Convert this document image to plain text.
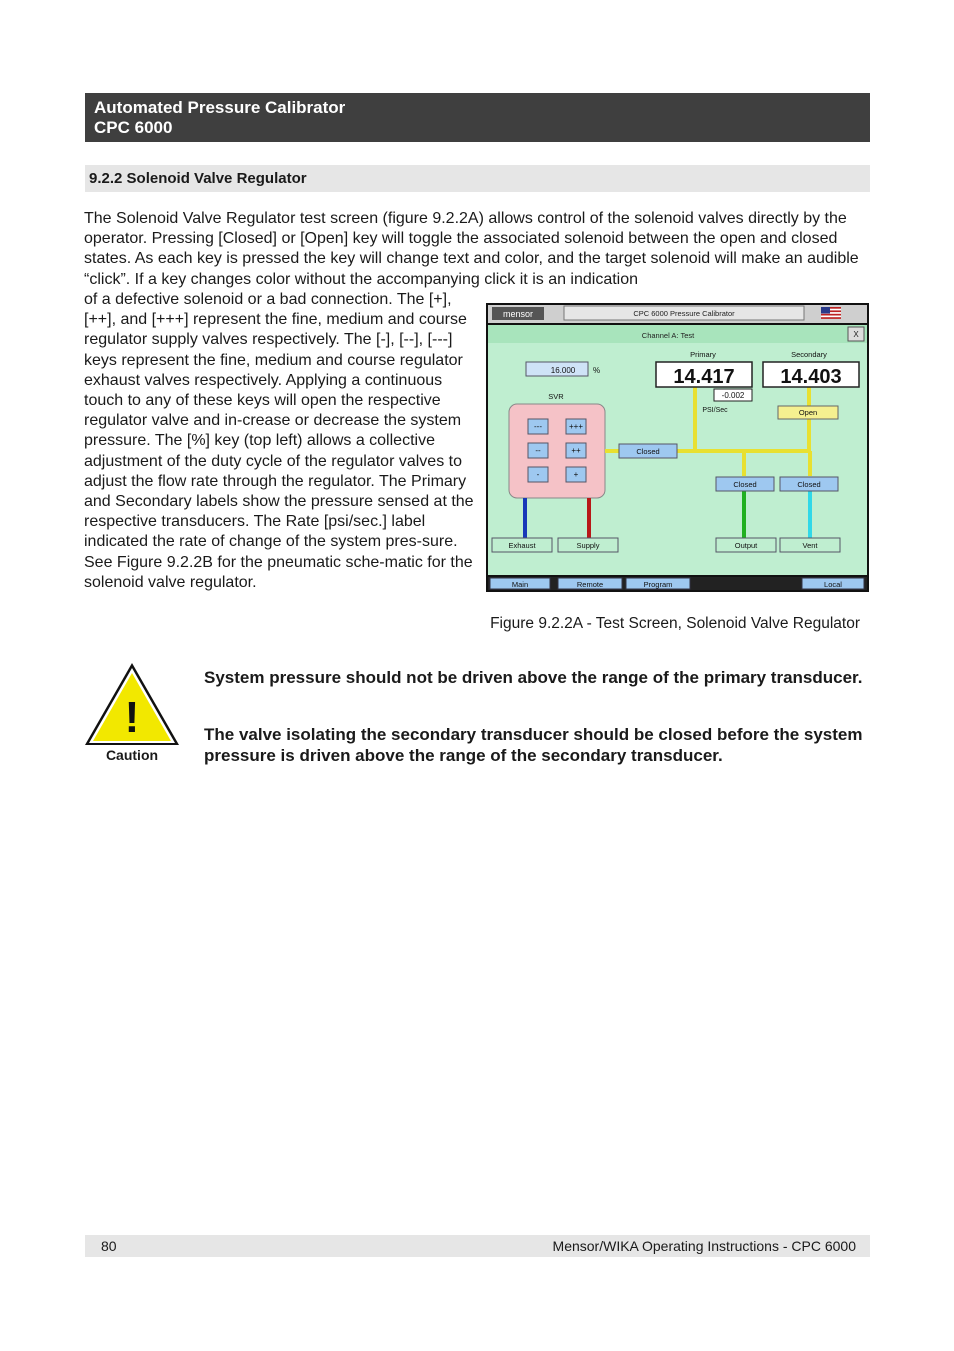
Automated Pressure Calibrator
CPC 6000
9.2.2 Solenoid Valve Regulator

The Solenoid Valve Regulator test screen (figure 9.2.2A) allows control of the solenoid valves directly by the operator. Pressing [Closed] or [Open] key will toggle the associated solenoid between the open and closed states. As each key is pressed the key will change text and color, and the target solenoid will make an audible “click”. If a key changes color without the accompanying click it is an indication

of a defective solenoid or a bad connection. The [+], [++], and [+++] represent the fine, medium and course regulator supply valves respectively. The [-], [--], [---] keys represent the fine, medium and course regulator exhaust valves respectively. Applying a continuous touch to any of these keys will open the respective regulator valve and in-crease or decrease the system pressure. The [%] key (top left) allows a collective adjustment of the duty cycle of the regulator valves to adjust the flow rate through the regulator. The Primary and Secondary labels show the pressure sensed at the respective transducers. The Rate [psi/sec.] label indicated the rate of change of the system pres-sure. See Figure 9.2.2B for the pneumatic sche-matic for the solenoid valve regulator.

mensor	CPC 6000 Pressure Calibrator
Channel A: Test	X
16.000 %
SVR
---	+++
--	++
-	+
Closed
Primary	Secondary
14.417 14.403
-0.002
PSI/Sec	Open
Closed	Closed
Exhaust	Supply	Output	Vent
Main	Remote	Program	Local
Figure 9.2.2A - Test Screen, Solenoid Valve Regulator
!
Caution

System pressure should not be driven above the range of the primary transducer.

The valve isolating the secondary transducer should be closed before the system pressure is driven above the range of the secondary transducer.

80	Mensor/WIKA Operating Instructions - CPC 6000
